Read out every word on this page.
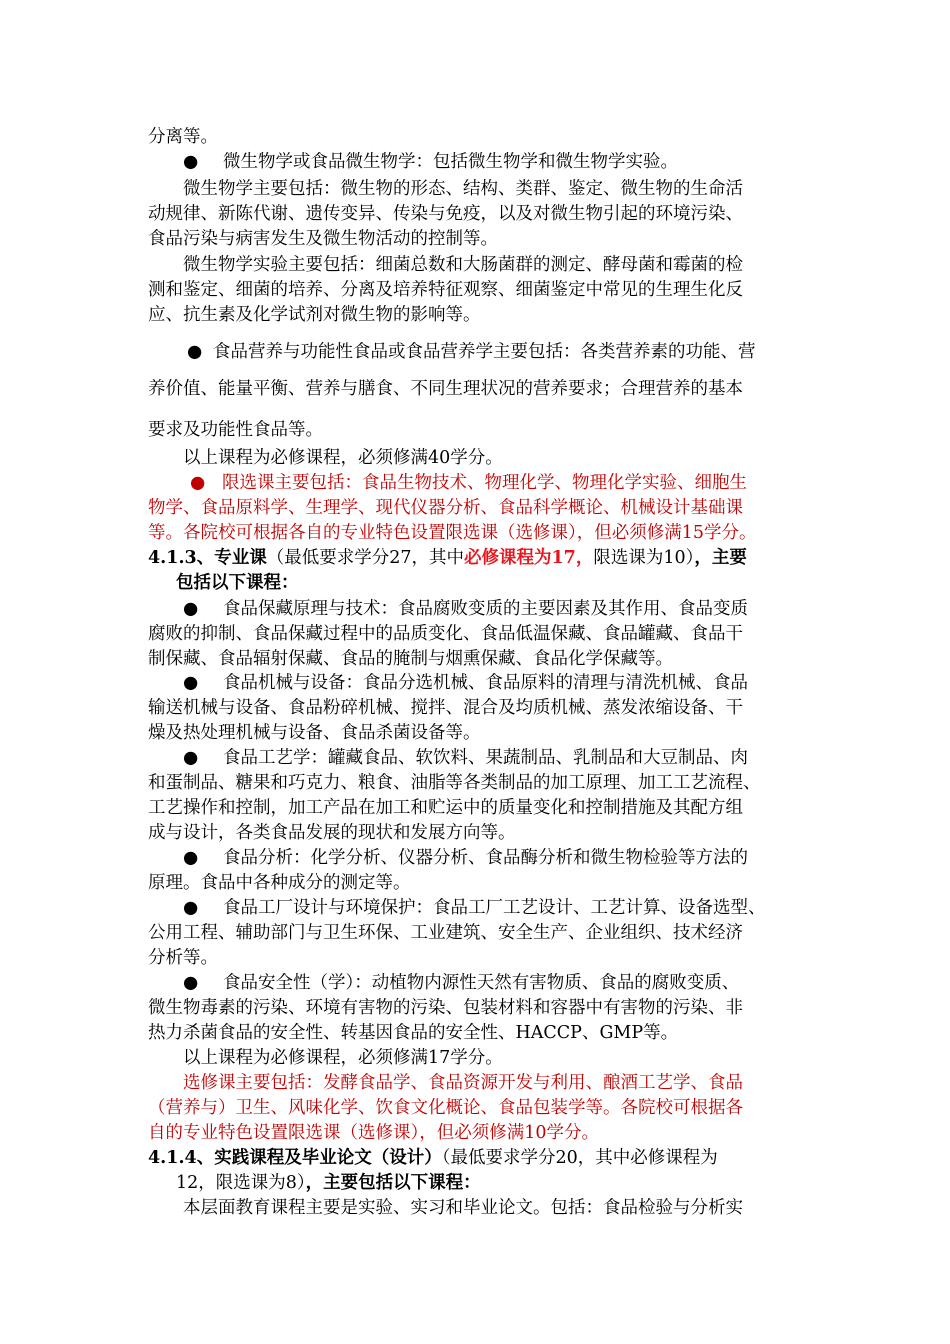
分离等。
● 微生物学或食品微生物学：包括微生物学和微生物学实验。
微生物学主要包括：微生物的形态、结构、类群、鉴定、微生物的生命活
动规律、新陈代谢、遗传变异、传染与免疫，以及对微生物引起的环境污染、
食品污染与病害发生及微生物活动的控制等。
微生物学实验主要包括：细菌总数和大肠菌群的测定、酵母菌和霉菌的检
测和鉴定、细菌的培养、分离及培养特征观察、细菌鉴定中常见的生理生化反
应、抗生素及化学试剂对微生物的影响等。
● 食品营养与功能性食品或食品营养学主要包括：各类营养素的功能、营
养价值、能量平衡、营养与膳食、不同生理状况的营养要求；合理营养的基本
要求及功能性食品等。
以上课程为必修课程，必须修满40学分。
● 限选课主要包括：食品生物技术、物理化学、物理化学实验、细胞生
物学、食品原料学、生理学、现代仪器分析、食品科学概论、机械设计基础课
等。各院校可根据各自的专业特色设置限选课（选修课），但必须修满15学分。
4.1.3、专业课（最低要求学分27，其中必修课程为17，限选课为10），主要
包括以下课程：
● 食品保藏原理与技术：食品腐败变质的主要因素及其作用、食品变质
腐败的抑制、食品保藏过程中的品质变化、食品低温保藏、食品罐藏、食品干
制保藏、食品辐射保藏、食品的腌制与烟熏保藏、食品化学保藏等。
● 食品机械与设备：食品分选机械、食品原料的清理与清洗机械、食品
输送机械与设备、食品粉碎机械、搅拌、混合及均质机械、蒸发浓缩设备、干
燥及热处理机械与设备、食品杀菌设备等。
● 食品工艺学：罐藏食品、软饮料、果蔬制品、乳制品和大豆制品、肉
和蛋制品、糖果和巧克力、粮食、油脂等各类制品的加工原理、加工工艺流程、
工艺操作和控制，加工产品在加工和贮运中的质量变化和控制措施及其配方组
成与设计，各类食品发展的现状和发展方向等。
● 食品分析：化学分析、仪器分析、食品酶分析和微生物检验等方法的
原理。食品中各种成分的测定等。
● 食品工厂设计与环境保护：食品工厂工艺设计、工艺计算、设备选型、
公用工程、辅助部门与卫生环保、工业建筑、安全生产、企业组织、技术经济
分析等。
● 食品安全性（学）：动植物内源性天然有害物质、食品的腐败变质、
微生物毒素的污染、环境有害物的污染、包装材料和容器中有害物的污染、非
热力杀菌食品的安全性、转基因食品的安全性、HACCP、GMP等。
以上课程为必修课程，必须修满17学分。
选修课主要包括：发酵食品学、食品资源开发与利用、酿酒工艺学、食品
（营养与）卫生、风味化学、饮食文化概论、食品包装学等。各院校可根据各
自的专业特色设置限选课（选修课），但必须修满10学分。
4.1.4、实践课程及毕业论文（设计）（最低要求学分20，其中必修课程为
12，限选课为8），主要包括以下课程：
本层面教育课程主要是实验、实习和毕业论文。包括：食品检验与分析实
